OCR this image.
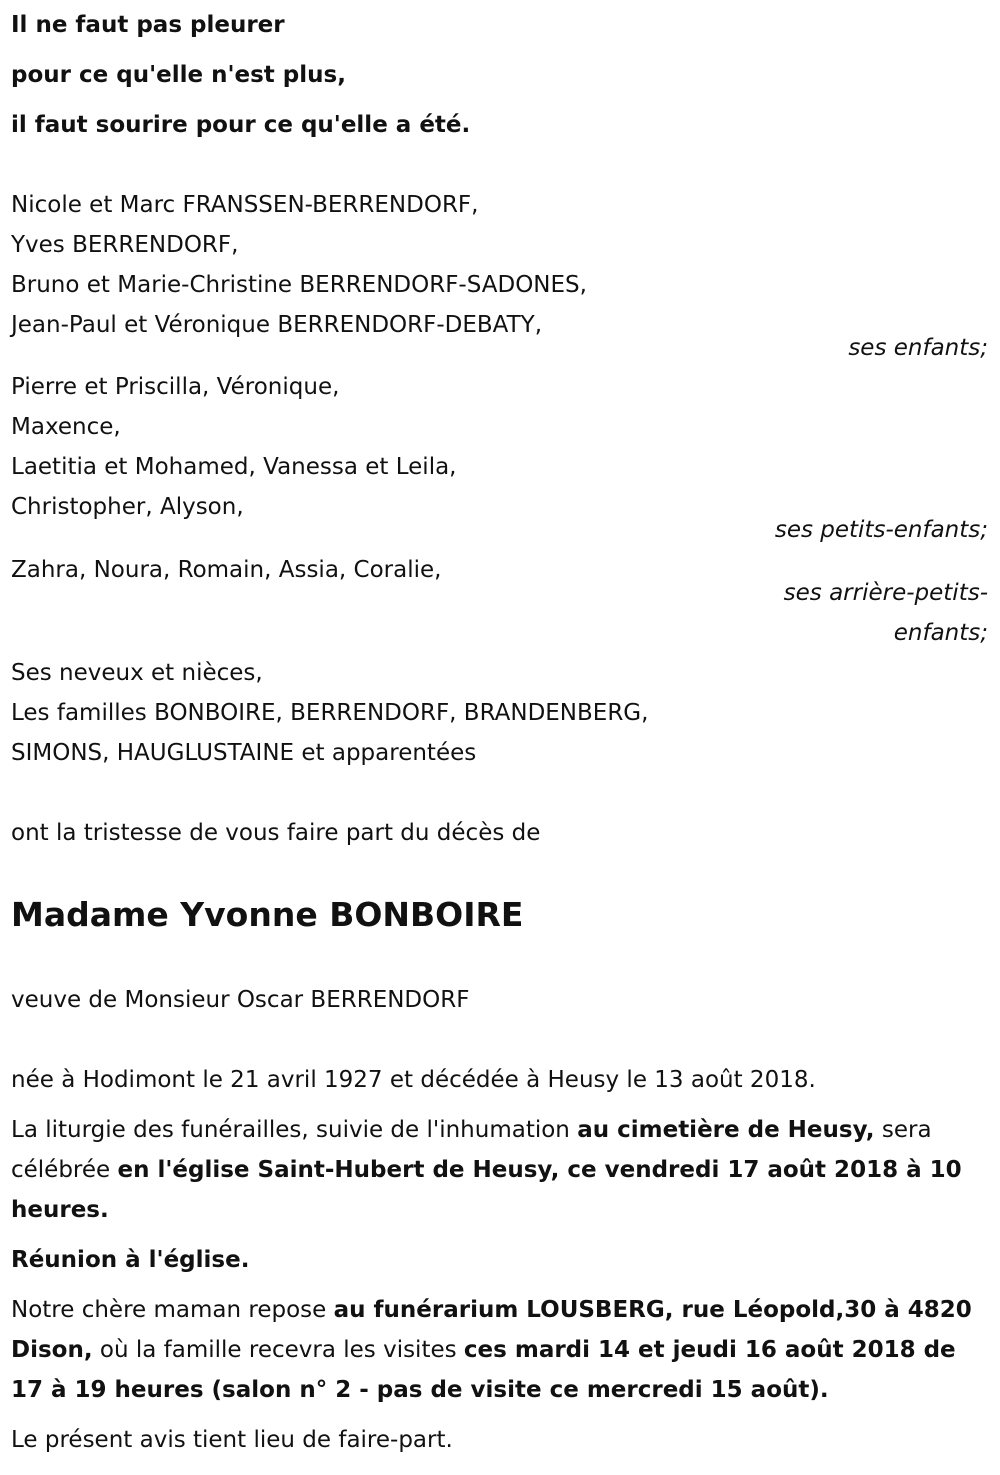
Il ne faut pas pleurer
pour ce qu'elle n'est plus,
il faut sourire pour ce qu'elle a été.
Nicole et Marc FRANSSEN-BERRENDORF,
Yves BERRENDORF,
Bruno et Marie-Christine BERRENDORF-SADONES,
Jean-Paul et Véronique BERRENDORF-DEBATY,
ses enfants;
Pierre et Priscilla, Véronique,
Maxence,
Laetitia et Mohamed, Vanessa et Leila,
Christopher, Alyson,
ses petits-enfants;
Zahra, Noura, Romain, Assia, Coralie,
ses arrière-petits-
enfants;
Ses neveux et nièces,
Les familles BONBOIRE, BERRENDORF, BRANDENBERG,
SIMONS, HAUGLUSTAINE et apparentées
ont la tristesse de vous faire part du décès de
Madame Yvonne BONBOIRE
veuve de Monsieur Oscar BERRENDORF
née à Hodimont le 21 avril 1927 et décédée à Heusy le 13 août 2018.
La liturgie des funérailles, suivie de l'inhumation au cimetière de Heusy, sera célébrée en l'église Saint-Hubert de Heusy, ce vendredi 17 août 2018 à 10 heures.
Réunion à l'église.
Notre chère maman repose au funérarium LOUSBERG, rue Léopold,30 à 4820 Dison, où la famille recevra les visites ces mardi 14 et jeudi 16 août 2018 de 17 à 19 heures (salon n° 2 - pas de visite ce mercredi 15 août).
Le présent avis tient lieu de faire-part.
